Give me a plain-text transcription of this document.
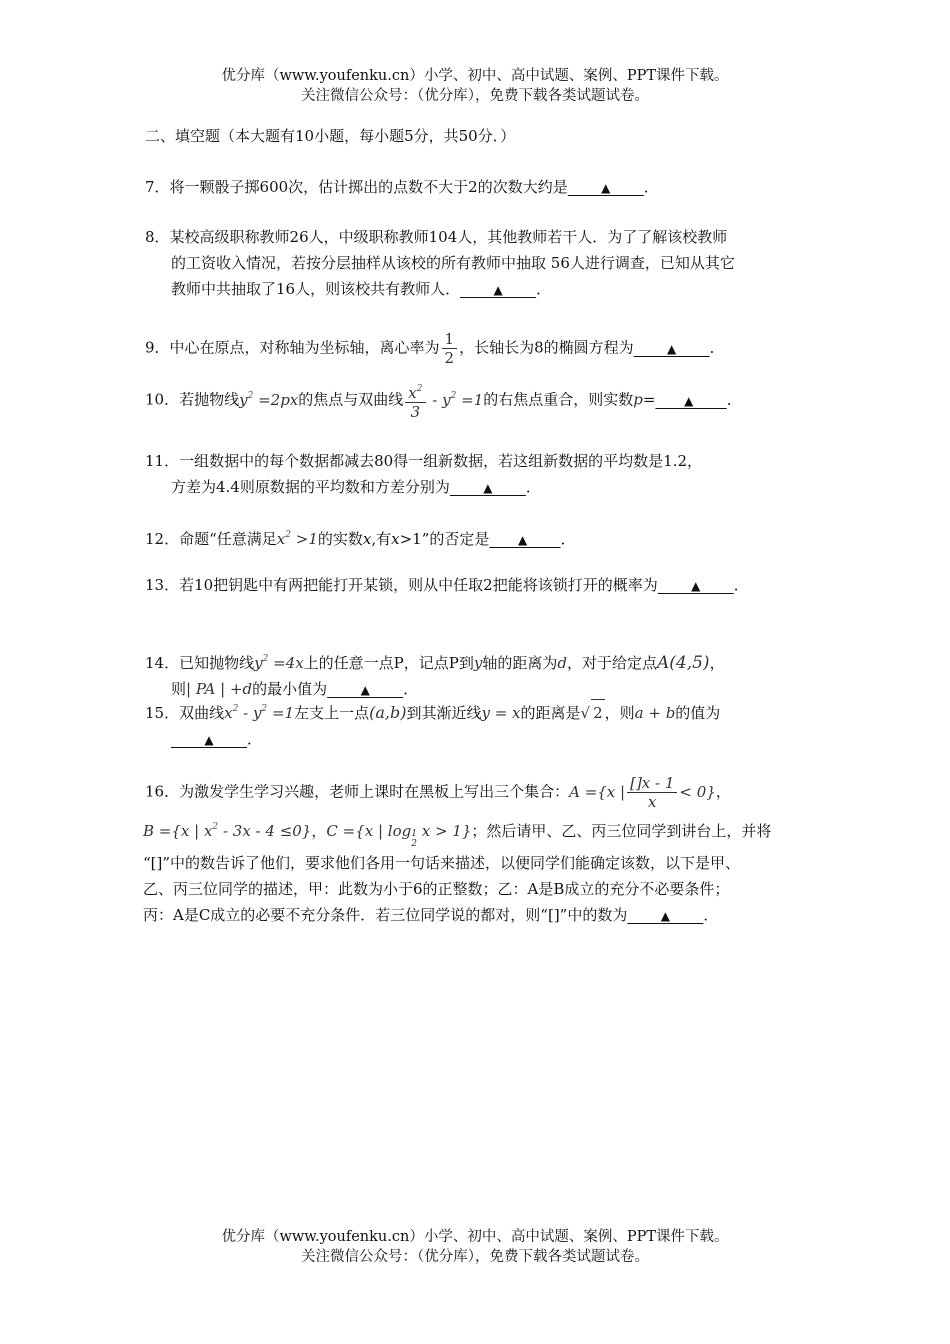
优分库（www.youfenku.cn）小学、初中、高中试题、案例、PPT课件下载。
关注微信公众号：（优分库），免费下载各类试题试卷。
二、填空题（本大题有10小题，每小题5分，共50分．）
7．将一颗骰子掷600次，估计掷出的点数不大于2的次数大约是	▲ ．
8．某校高级职称教师26人，中级职称教师104人，其他教师若干人．为了了解该校教师
的工资收入情况，若按分层抽样从该校的所有教师中抽取 56人进行调查，已知从其它
教师中共抽取了16人，则该校共有教师人．	▲ ．
9．中心在原点，对称轴为坐标轴，离心率为 $\frac{1}{2}$ ，长轴长为8的椭圆方程为	▲ ．
10．若抛物线$y^2 =2px$的焦点与双曲线 $\frac{x^2}{3} - y^2 =1$的右焦点重合，则实数p= ▲ ．
11．一组数据中的每个数据都减去80得一组新数据，若这组新数据的平均数是1.2，
方差为4.4则原数据的平均数和方差分别为	▲ ．
12．命题“任意满足$x^2 >1$的实数x,有x>1”的否定是 ▲ ．
13．若10把钥匙中有两把能打开某锁，则从中任取2把能将该锁打开的概率为	▲ ．
14．已知抛物线$y^2 =4x$上的任意一点P，记点P到y轴的距离为d，对于给定点A(4,5)，
则| PA | +d的最小值为	▲ ．
15．双曲线$x^2 - y^2 =1$左支上一点(a,b)到其渐近线y = x的距离是√ 2 ，则a + b的值为
▲ ．
16．为激发学生学习兴趣，老师上课时在黑板上写出三个集合：A ={x | $\frac{[]x - 1}{x} < 0$}，
B ={x | $x^2 - 3x - 4 \le 0$}，C ={x | log 1
2
x > 1}；然后请甲、乙、丙三位同学到讲台上，并将
“[]”中的数告诉了他们，要求他们各用一句话来描述，以便同学们能确定该数，以下是甲、
乙、丙三位同学的描述，甲：此数为小于6的正整数；乙：A是B成立的充分不必要条件；
丙：A是C成立的必要不充分条件．若三位同学说的都对，则“[]”中的数为	▲ ．
优分库（www.youfenku.cn）小学、初中、高中试题、案例、PPT课件下载。
关注微信公众号：（优分库），免费下载各类试题试卷。
